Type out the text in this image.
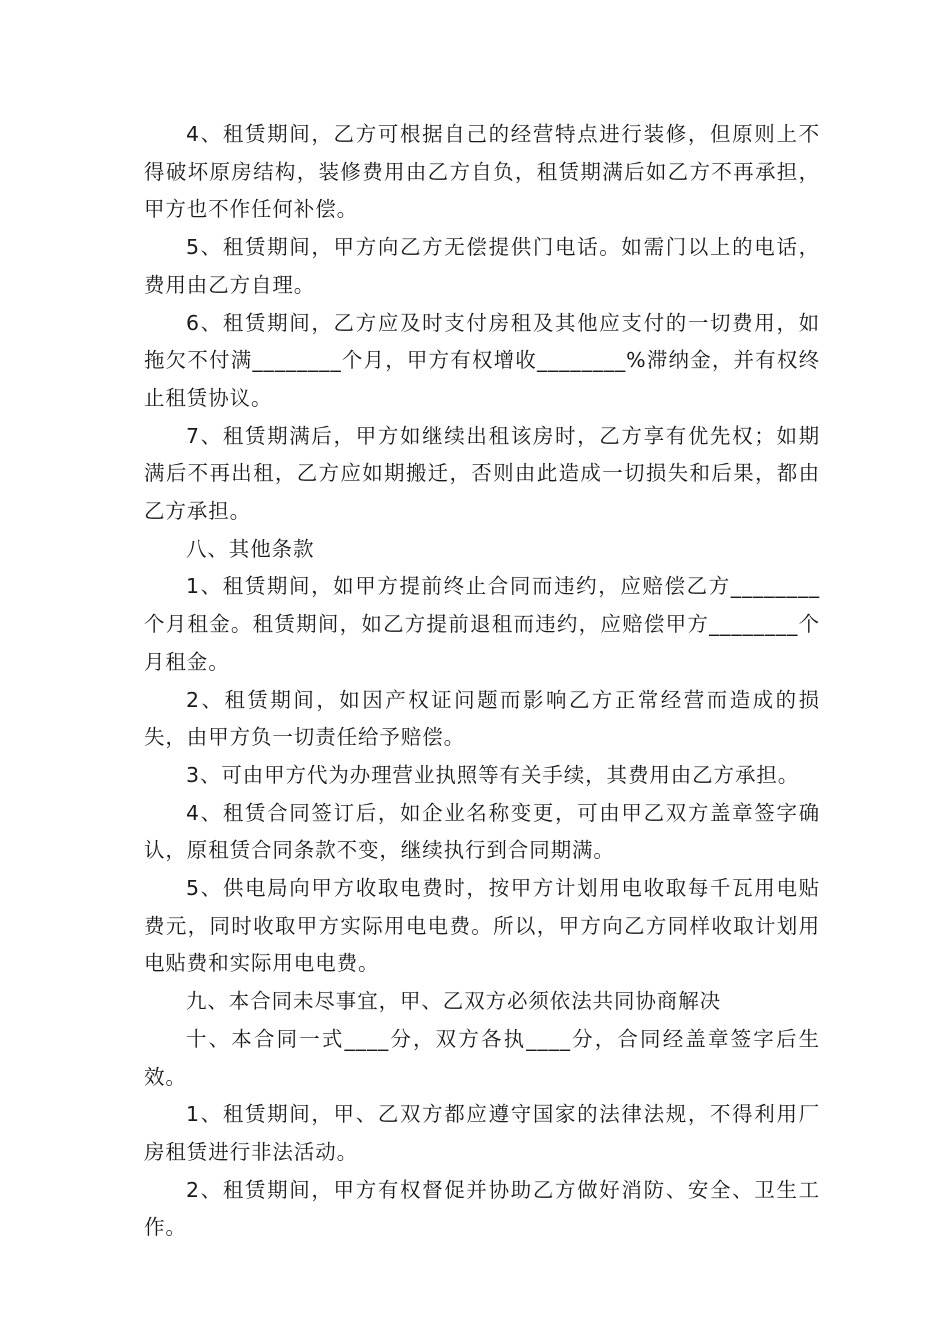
4、租赁期间，乙方可根据自己的经营特点进行装修，但原则上不得破坏原房结构，装修费用由乙方自负，租赁期满后如乙方不再承担，甲方也不作任何补偿。

5、租赁期间，甲方向乙方无偿提供门电话。如需门以上的电话，费用由乙方自理。

6、租赁期间，乙方应及时支付房租及其他应支付的一切费用，如拖欠不付满________个月，甲方有权增收________%滞纳金，并有权终止租赁协议。

7、租赁期满后，甲方如继续出租该房时，乙方享有优先权；如期满后不再出租，乙方应如期搬迁，否则由此造成一切损失和后果，都由乙方承担。

八、其他条款

1、租赁期间，如甲方提前终止合同而违约，应赔偿乙方________个月租金。租赁期间，如乙方提前退租而违约，应赔偿甲方________个月租金。

2、租赁期间，如因产权证问题而影响乙方正常经营而造成的损失，由甲方负一切责任给予赔偿。

3、可由甲方代为办理营业执照等有关手续，其费用由乙方承担。

4、租赁合同签订后，如企业名称变更，可由甲乙双方盖章签字确认，原租赁合同条款不变，继续执行到合同期满。

5、供电局向甲方收取电费时，按甲方计划用电收取每千瓦用电贴费元，同时收取甲方实际用电电费。所以，甲方向乙方同样收取计划用电贴费和实际用电电费。

九、本合同未尽事宜，甲、乙双方必须依法共同协商解决

十、本合同一式____分，双方各执____分，合同经盖章签字后生效。

1、租赁期间，甲、乙双方都应遵守国家的法律法规，不得利用厂房租赁进行非法活动。

2、租赁期间，甲方有权督促并协助乙方做好消防、安全、卫生工作。
